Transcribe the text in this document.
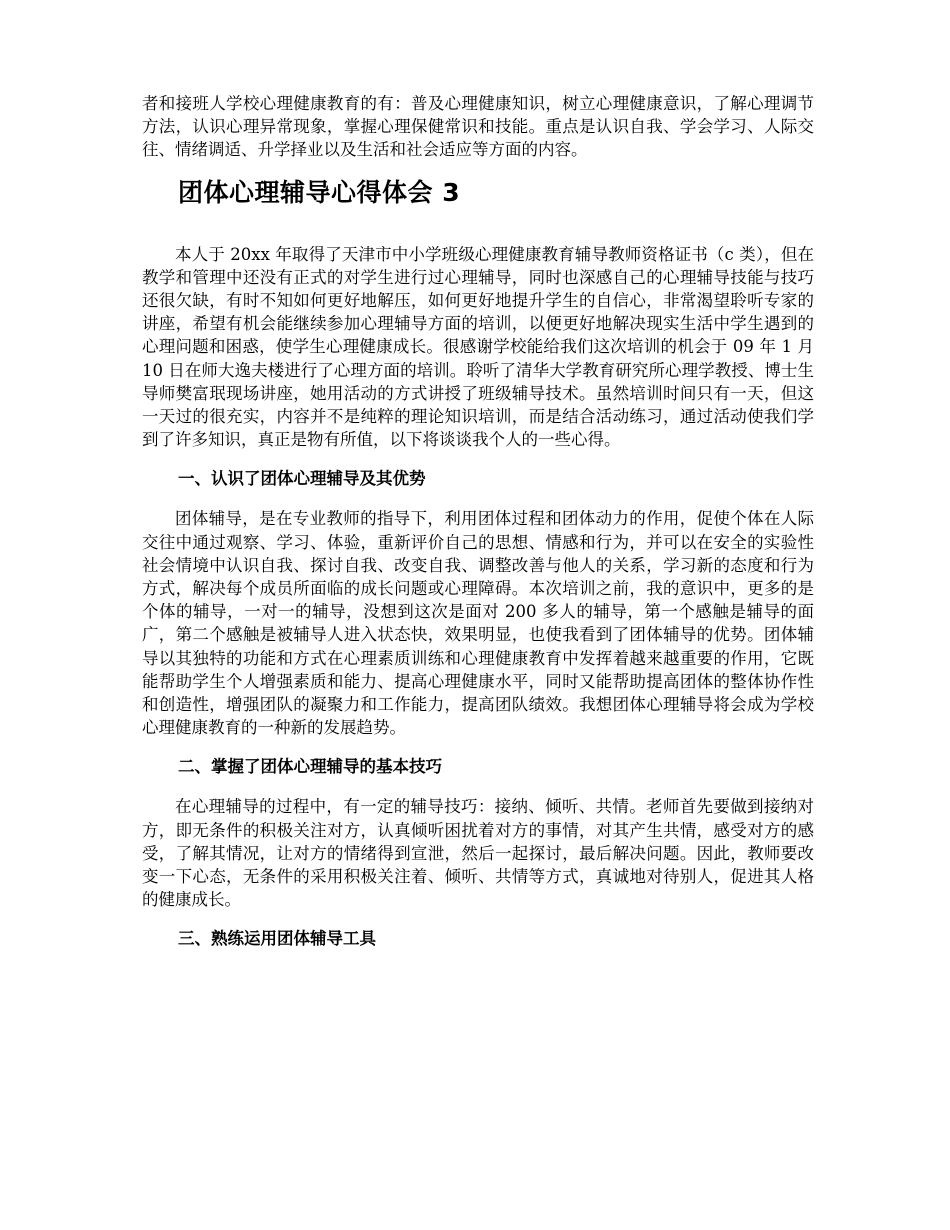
者和接班人学校心理健康教育的有：普及心理健康知识，树立心理健康意识，了解心理调节方法，认识心理异常现象，掌握心理保健常识和技能。重点是认识自我、学会学习、人际交往、情绪调适、升学择业以及生活和社会适应等方面的内容。

团体心理辅导心得体会 3

本人于 20xx 年取得了天津市中小学班级心理健康教育辅导教师资格证书（c 类），但在教学和管理中还没有正式的对学生进行过心理辅导，同时也深感自己的心理辅导技能与技巧还很欠缺，有时不知如何更好地解压，如何更好地提升学生的自信心，非常渴望聆听专家的讲座，希望有机会能继续参加心理辅导方面的培训，以便更好地解决现实生活中学生遇到的心理问题和困惑，使学生心理健康成长。很感谢学校能给我们这次培训的机会于 09 年 1 月 10 日在师大逸夫楼进行了心理方面的培训。聆听了清华大学教育研究所心理学教授、博士生导师樊富珉现场讲座，她用活动的方式讲授了班级辅导技术。虽然培训时间只有一天，但这一天过的很充实，内容并不是纯粹的理论知识培训，而是结合活动练习，通过活动使我们学到了许多知识，真正是物有所值，以下将谈谈我个人的一些心得。

一、认识了团体心理辅导及其优势

团体辅导，是在专业教师的指导下，利用团体过程和团体动力的作用，促使个体在人际交往中通过观察、学习、体验，重新评价自己的思想、情感和行为，并可以在安全的实验性社会情境中认识自我、探讨自我、改变自我、调整改善与他人的关系，学习新的态度和行为方式，解决每个成员所面临的成长问题或心理障碍。本次培训之前，我的意识中，更多的是个体的辅导，一对一的辅导，没想到这次是面对 200 多人的辅导，第一个感触是辅导的面广，第二个感触是被辅导人进入状态快，效果明显，也使我看到了团体辅导的优势。团体辅导以其独特的功能和方式在心理素质训练和心理健康教育中发挥着越来越重要的作用，它既能帮助学生个人增强素质和能力、提高心理健康水平，同时又能帮助提高团体的整体协作性和创造性，增强团队的凝聚力和工作能力，提高团队绩效。我想团体心理辅导将会成为学校心理健康教育的一种新的发展趋势。

二、掌握了团体心理辅导的基本技巧

在心理辅导的过程中，有一定的辅导技巧：接纳、倾听、共情。老师首先要做到接纳对方，即无条件的积极关注对方，认真倾听困扰着对方的事情，对其产生共情，感受对方的感受，了解其情况，让对方的情绪得到宣泄，然后一起探讨，最后解决问题。因此，教师要改变一下心态，无条件的采用积极关注着、倾听、共情等方式，真诚地对待别人，促进其人格的健康成长。

三、熟练运用团体辅导工具
